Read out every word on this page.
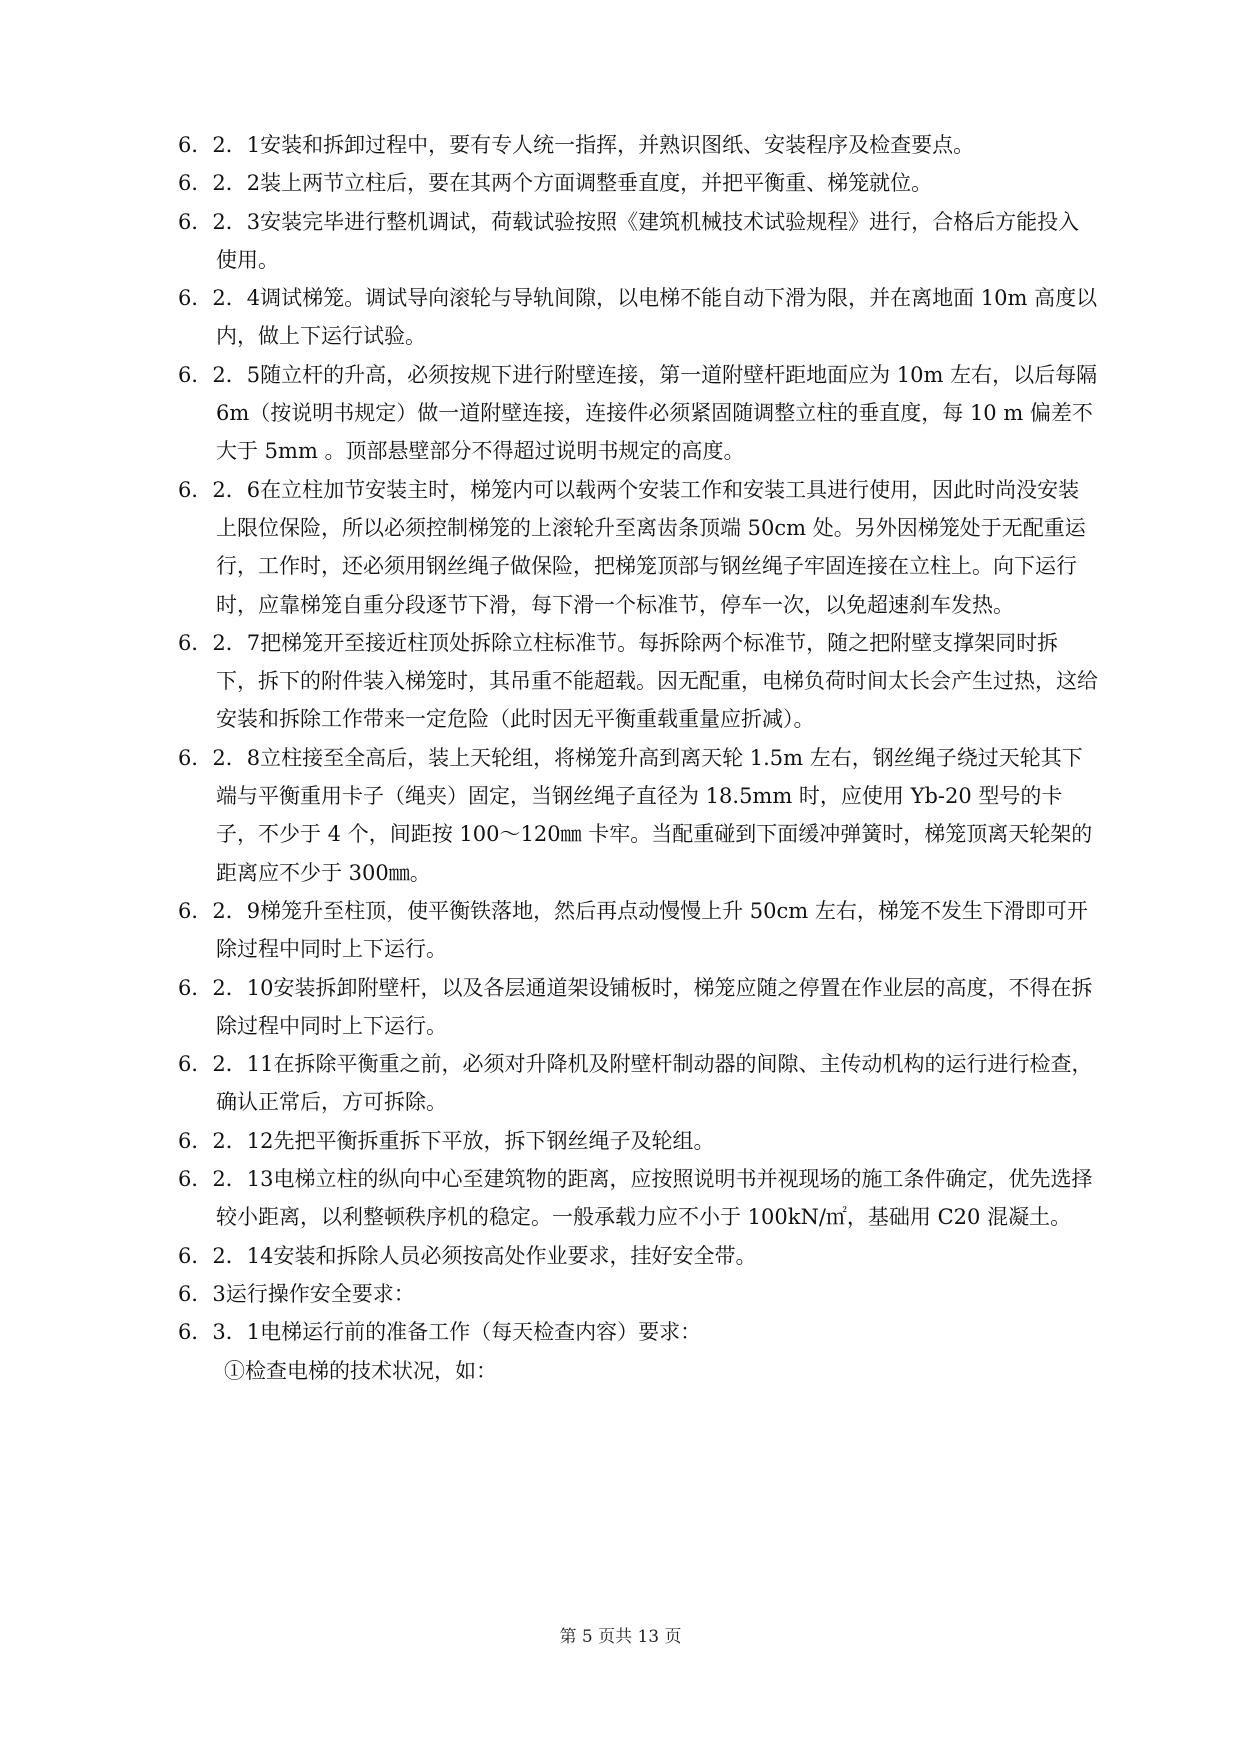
6．2．1安装和拆卸过程中，要有专人统一指挥，并熟识图纸、安装程序及检查要点。

6．2．2装上两节立柱后，要在其两个方面调整垂直度，并把平衡重、梯笼就位。

6．2．3安装完毕进行整机调试，荷载试验按照《建筑机械技术试验规程》进行，合格后方能投入使用。

6．2．4调试梯笼。调试导向滚轮与导轨间隙，以电梯不能自动下滑为限，并在离地面 10m 高度以内，做上下运行试验。

6．2．5随立杆的升高，必须按规下进行附壁连接，第一道附壁杆距地面应为 10m 左右，以后每隔 6m（按说明书规定）做一道附壁连接，连接件必须紧固随调整立柱的垂直度，每 10 m 偏差不大于 5mm 。顶部悬壁部分不得超过说明书规定的高度。

6．2．6在立柱加节安装主时，梯笼内可以载两个安装工作和安装工具进行使用，因此时尚没安装上限位保险，所以必须控制梯笼的上滚轮升至离齿条顶端 50cm 处。另外因梯笼处于无配重运行，工作时，还必须用钢丝绳子做保险，把梯笼顶部与钢丝绳子牢固连接在立柱上。向下运行时，应靠梯笼自重分段逐节下滑，每下滑一个标准节，停车一次，以免超速刹车发热。

6．2．7把梯笼开至接近柱顶处拆除立柱标准节。每拆除两个标准节，随之把附壁支撑架同时拆下，拆下的附件装入梯笼时，其吊重不能超载。因无配重，电梯负荷时间太长会产生过热，这给安装和拆除工作带来一定危险（此时因无平衡重载重量应折减）。

6．2．8立柱接至全高后，装上天轮组，将梯笼升高到离天轮 1.5m 左右，钢丝绳子绕过天轮其下端与平衡重用卡子（绳夹）固定，当钢丝绳子直径为 18.5mm 时，应使用 Yb-20 型号的卡子，不少于 4 个，间距按 100～120㎜ 卡牢。当配重碰到下面缓冲弹簧时，梯笼顶离天轮架的距离应不少于 300㎜。

6．2．9梯笼升至柱顶，使平衡铁落地，然后再点动慢慢上升 50cm 左右，梯笼不发生下滑即可开除过程中同时上下运行。

6．2．10安装拆卸附壁杆，以及各层通道架设铺板时，梯笼应随之停置在作业层的高度，不得在拆除过程中同时上下运行。

6．2．11在拆除平衡重之前，必须对升降机及附壁杆制动器的间隙、主传动机构的运行进行检查，确认正常后，方可拆除。

6．2．12先把平衡拆重拆下平放，拆下钢丝绳子及轮组。

6．2．13电梯立柱的纵向中心至建筑物的距离，应按照说明书并视现场的施工条件确定，优先选择较小距离，以利整顿秩序机的稳定。一般承载力应不小于 100kN/㎡，基础用 C20 混凝土。

6．2．14安装和拆除人员必须按高处作业要求，挂好安全带。

6．3运行操作安全要求：

6．3．1电梯运行前的准备工作（每天检查内容）要求：

①检查电梯的技术状况，如：

第 5 页共 13 页
